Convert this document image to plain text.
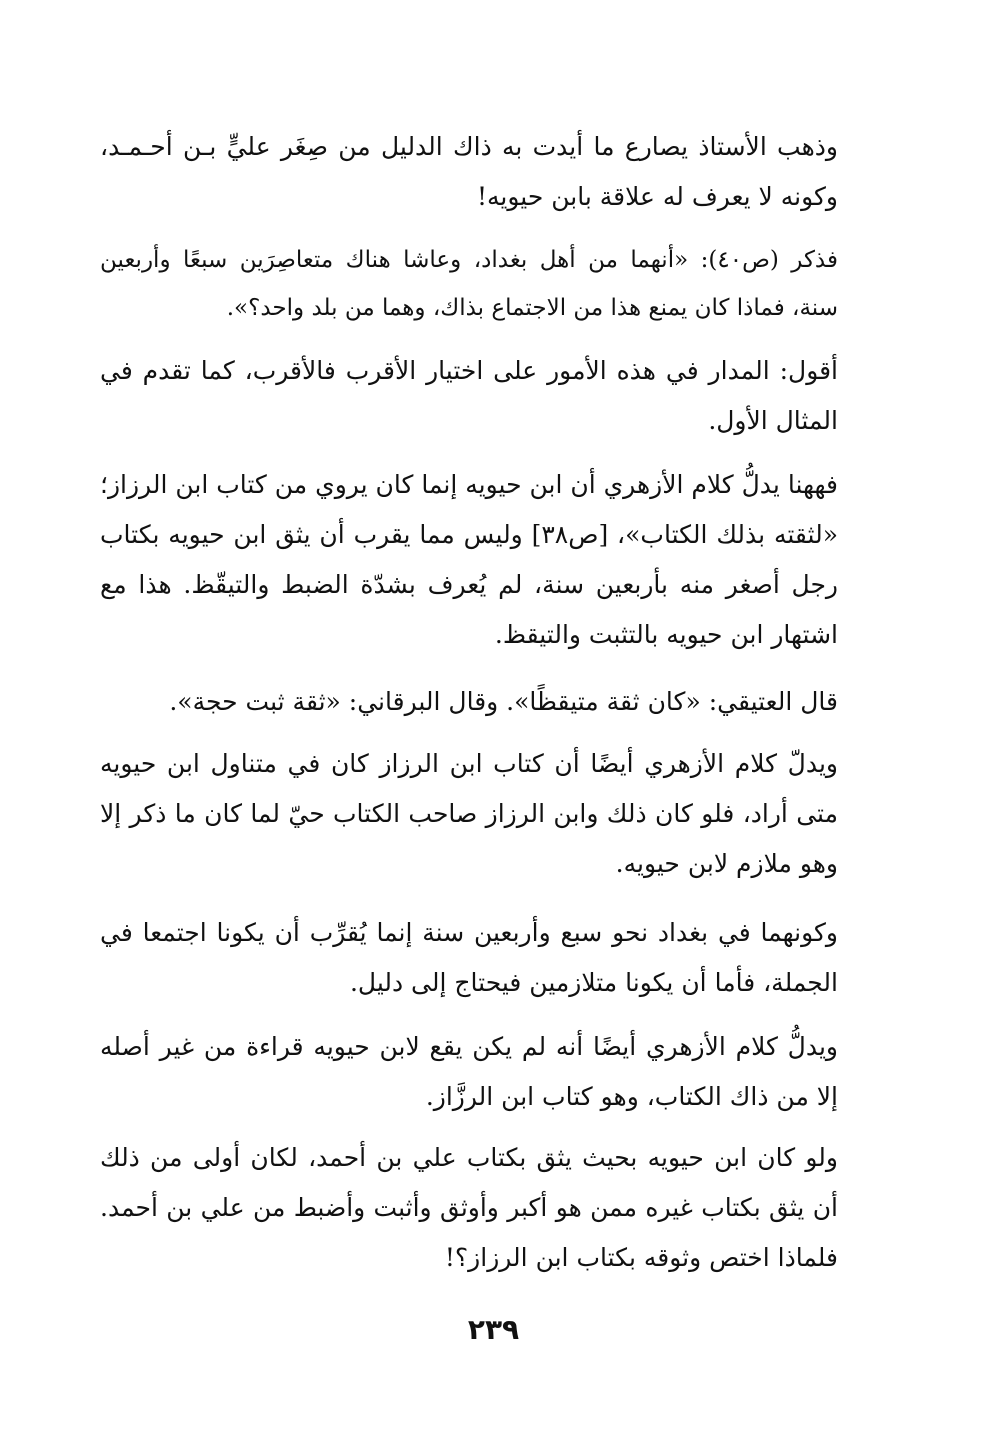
وذهب الأستاذ يصارع ما أيدت به ذاك الدليل من صِغَر عليٍّ بـن أحـمـد، وكونه لا يعرف له علاقة بابن حيويه!

فذكر (ص٤٠): «أنهما من أهل بغداد، وعاشا هناك متعاصِرَين سبعًا وأربعين سنة، فماذا كان يمنع هذا من الاجتماع بذاك، وهما من بلد واحد؟».

أقول: المدار في هذه الأمور على اختيار الأقرب فالأقرب، كما تقدم في المثال الأول.

فههنا يدلُّ كلام الأزهري أن ابن حيويه إنما كان يروي من كتاب ابن الرزاز؛ «لثقته بذلك الكتاب»، [ص٣٨] وليس مما يقرب أن يثق ابن حيويه بكتاب رجل أصغر منه بأربعين سنة، لم يُعرف بشدّة الضبط والتيقّظ. هذا مع اشتهار ابن حيويه بالتثبت والتيقظ.

قال العتيقي: «كان ثقة متيقظًا». وقال البرقاني: «ثقة ثبت حجة».

ويدلّ كلام الأزهري أيضًا أن كتاب ابن الرزاز كان في متناول ابن حيويه متى أراد، فلو كان ذلك وابن الرزاز صاحب الكتاب حيّ لما كان ما ذكر إلا وهو ملازم لابن حيويه.

وكونهما في بغداد نحو سبع وأربعين سنة إنما يُقرِّب أن يكونا اجتمعا في الجملة، فأما أن يكونا متلازمين فيحتاج إلى دليل.

ويدلُّ كلام الأزهري أيضًا أنه لم يكن يقع لابن حيويه قراءة من غير أصله إلا من ذاك الكتاب، وهو كتاب ابن الرزَّاز.

ولو كان ابن حيويه بحيث يثق بكتاب علي بن أحمد، لكان أولى من ذلك أن يثق بكتاب غيره ممن هو أكبر وأوثق وأثبت وأضبط من علي بن أحمد. فلماذا اختص وثوقه بكتاب ابن الرزاز؟!

٢٣٩
